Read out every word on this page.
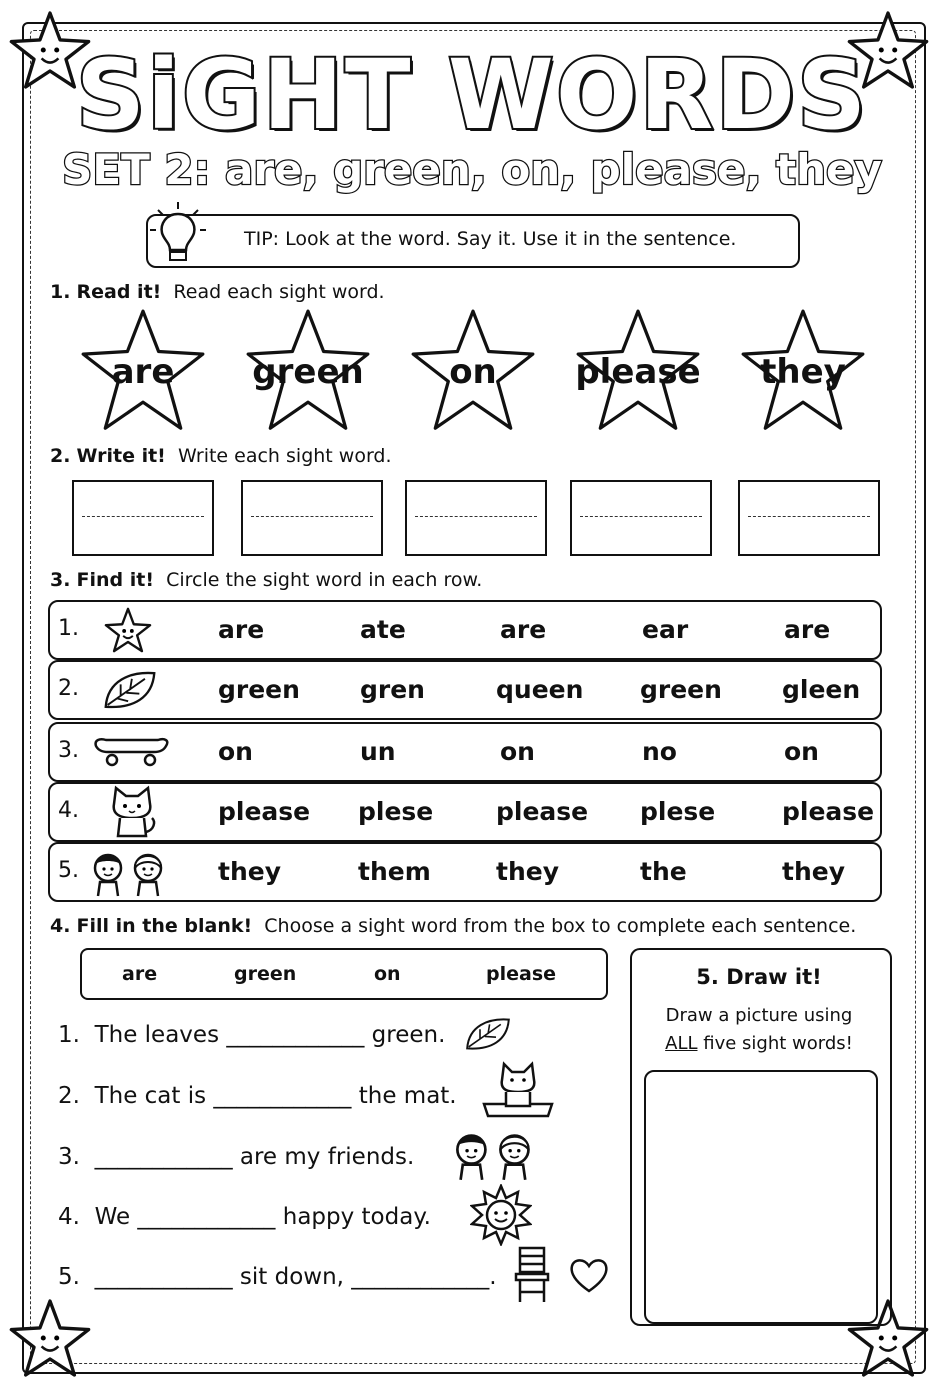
SiGHT WORDS
SET 2: are, green, on, please, they
TIP: Look at the word. Say it. Use it in the sentence.
1. Read it! Read each sight word.
are	green	on	please	they
2. Write it! Write each sight word.
3. Find it! Circle the sight word in each row.
1.	are	ate	are	ear	are
2.	green gren	queen green gleen
3.	on	un	on	no	on
4.	please plese	please plese	please
5.	they	them	they	the	they
4. Fill in the blank! Choose a sight word from the box to complete each sentence.
are	green	on	please
1. The leaves ____________ green.
2. The cat is ____________ the mat.
3. ____________ are my friends.
4. We ____________ happy today.
5. ____________ sit down, ____________.
5. Draw it!
Draw a picture using
ALL five sight words!
